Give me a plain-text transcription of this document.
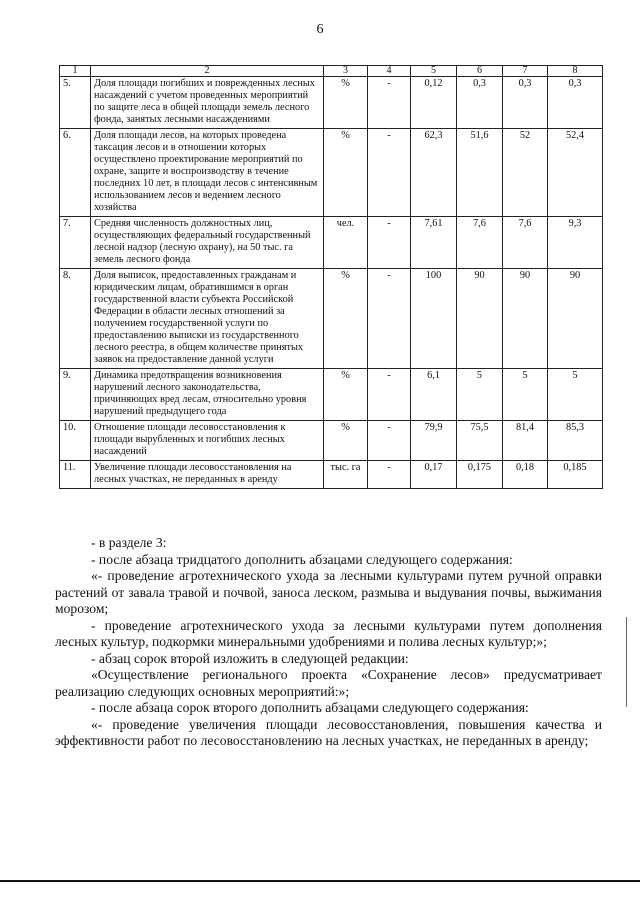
6
1	2	3	4	5	6	7	8
5.	Доля площади погибших и поврежденных лесных насаждений с учетом проведенных мероприятий по защите леса в общей площади земель лесного фонда, занятых лесными насаждениями	%	-	0,12	0,3	0,3	0,3
6.	Доля площади лесов, на которых проведена таксация лесов и в отношении которых осуществлено проектирование мероприятий по охране, защите и воспроизводству в течение последних 10 лет, в площади лесов с интенсивным использованием лесов и ведением лесного хозяйства	%	-	62,3	51,6	52	52,4
7.	Средняя численность должностных лиц, осуществляющих федеральный государственный лесной надзор (лесную охрану), на 50 тыс. га земель лесного фонда	чел.	-	7,61	7,6	7,6	9,3
8.	Доля выписок, предоставленных гражданам и юридическим лицам, обратившимся в орган государственной власти субъекта Российской Федерации в области лесных отношений за получением государственной услуги по предоставлению выписки из государственного лесного реестра, в общем количестве принятых заявок на предоставление данной услуги	%	-	100	90	90	90
9.	Динамика предотвращения возникновения нарушений лесного законодательства, причиняющих вред лесам, относительно уровня нарушений предыдущего года	%	-	6,1	5	5	5
10.	Отношение площади лесовосстановления к площади вырубленных и погибших лесных насаждений	%	-	79,9	75,5	81,4	85,3
11.	Увеличение площади лесовосстановления на лесных участках, не переданных в аренду	тыс. га	-	0,17	0,175	0,18	0,185

- в разделе 3:

- после абзаца тридцатого дополнить абзацами следующего содержания:

«- проведение агротехнического ухода за лесными культурами путем ручной оправки растений от завала травой и почвой, заноса леском, размыва и выдувания почвы, выжимания морозом;

- проведение агротехнического ухода за лесными культурами путем дополнения лесных культур, подкормки минеральными удобрениями и полива лесных культур;»;

- абзац сорок второй изложить в следующей редакции:

«Осуществление регионального проекта «Сохранение лесов» предусматривает реализацию следующих основных мероприятий:»;

- после абзаца сорок второго дополнить абзацами следующего содержания:

«- проведение увеличения площади лесовосстановления, повышения качества и эффективности работ по лесовосстановлению на лесных участках, не переданных в аренду;
